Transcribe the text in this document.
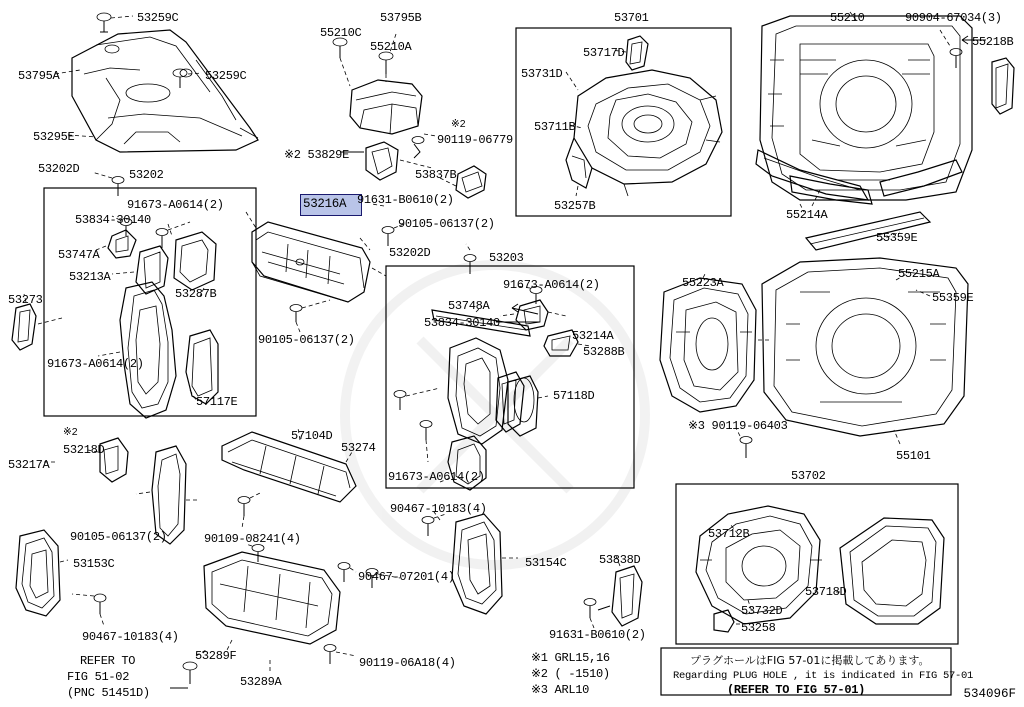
53216A
※1 GRL15,16
※2 ( -1510)
※3 ARL10
プラグホールはFIG 57-01に掲載してあります。
Regarding PLUG HOLE , it is indicated in FIG 57-01
(REFER TO FIG 57-01)
REFER TO
FIG 51-02
(PNC 51451D)	534096F
53259C	53795B	53701	55210	90904-67034(3)
55210C
55218B
55210A	53717D
53795A	53259C	53731D
53711B
53295E
※2
90119-06779
※2 53829E
53837B
53202D	53202
53257B
55214A
91673-A0614(2)	91631-B0610(2)
53834-30140	90105-06137(2)
55359E
53747A	53202D	53203
53213A
53287B
55223A
55215A
91673-A0614(2)
53273	55359E
53748A
53834-30140
53214A
90105-06137(2)
91673-A0614(2)
53288B
57118D
57117E
※3 90119-06403
53274
57104D
※2
53218D
53217A
55101
53702
91673-A0614(2)
90467-10183(4)
90105-06137(2)	90109-08241(4)	53712B
53153C	53154C	53838D
90467-07201(4)
53718D
90467-10183(4)
53732D
53258
91631-B0610(2)
53289F	90119-06A18(4)
53289A
